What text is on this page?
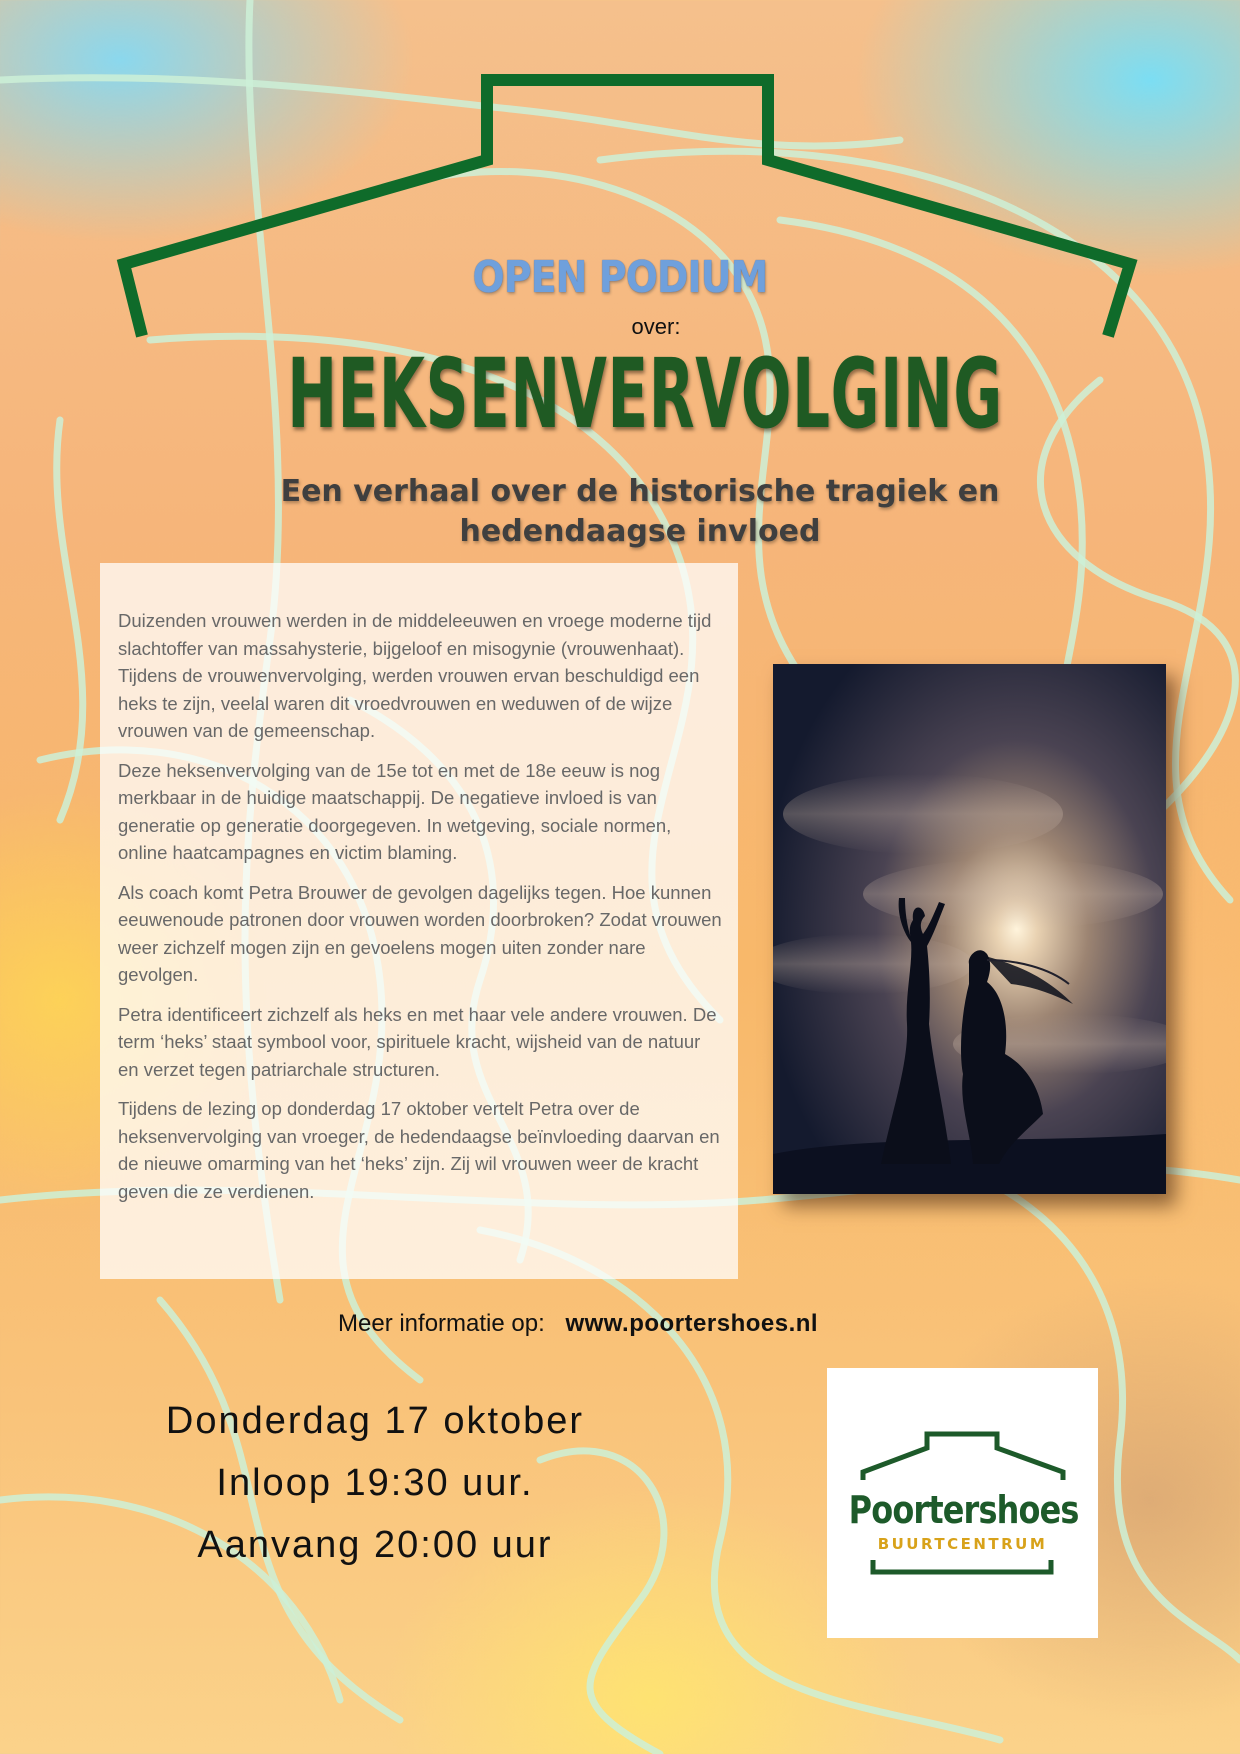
OPEN PODIUM
over:
HEKSENVERVOLGING
Een verhaal over de historische tragiek en hedendaagse invloed

Duizenden vrouwen werden in de middeleeuwen en vroege moderne tijd slachtoffer van massahysterie, bijgeloof en misogynie (vrouwenhaat). Tijdens de vrouwenvervolging, werden vrouwen ervan beschuldigd een heks te zijn, veelal waren dit vroedvrouwen en weduwen of de wijze vrouwen van de gemeenschap.

Deze heksenvervolging van de 15e tot en met de 18e eeuw is nog merkbaar in de huidige maatschappij. De negatieve invloed is van generatie op generatie doorgegeven. In wetgeving, sociale normen, online haatcampagnes en victim blaming.

Als coach komt Petra Brouwer de gevolgen dagelijks tegen. Hoe kunnen eeuwenoude patronen door vrouwen worden doorbroken? Zodat vrouwen weer zichzelf mogen zijn en gevoelens mogen uiten zonder nare gevolgen.

Petra identificeert zichzelf als heks en met haar vele andere vrouwen. De term ‘heks’ staat symbool voor, spirituele kracht, wijsheid van de natuur en verzet tegen patriarchale structuren.

Tijdens de lezing op donderdag 17 oktober vertelt Petra over de heksenvervolging van vroeger, de hedendaagse beïnvloeding daarvan en de nieuwe omarming van het ‘heks’ zijn. Zij wil vrouwen weer de kracht geven die ze verdienen.

Meer informatie op: www.poortershoes.nl
Donderdag 17 oktober
Inloop 19:30 uur.
Aanvang 20:00 uur
Poortershoes
BUURTCENTRUM
